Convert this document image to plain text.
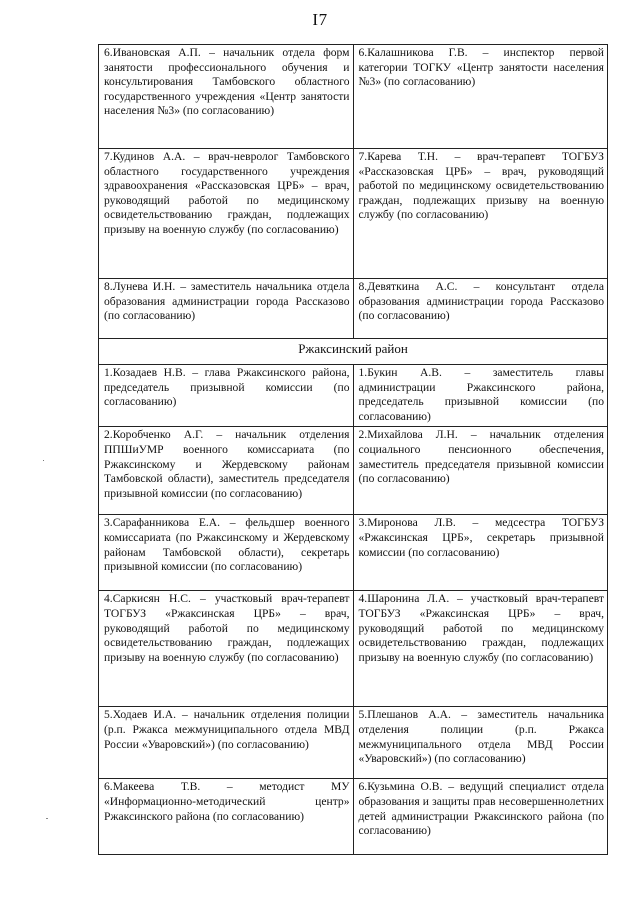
I7
6.Ивановская А.П. – начальник отдела форм занятости профессионального обучения и консультирования Тамбовского областного государственного учреждения «Центр занятости населения №3» (по согласованию)	6.Калашникова Г.В. – инспектор первой категории ТОГКУ «Центр занятости населения №3» (по согласованию)
7.Кудинов А.А. – врач-невролог Тамбовского областного государственного учреждения здравоохранения «Рассказовская ЦРБ» – врач, руководящий работой по медицинскому освидетельствованию граждан, подлежащих призыву на военную службу (по согласованию)	7.Карева Т.Н. – врач-терапевт ТОГБУЗ «Рассказовская ЦРБ» – врач, руководящий работой по медицинскому освидетельствованию граждан, подлежащих призыву на военную службу (по согласованию)
8.Лунева И.Н. – заместитель начальника отдела образования администрации города Рассказово (по согласованию)	8.Девяткина А.С. – консультант отдела образования администрации города Рассказово (по согласованию)
Ржаксинский район	
1.Козадаев Н.В. – глава Ржаксинского района, председатель призывной комиссии (по согласованию)	1.Букин А.В. – заместитель главы администрации Ржаксинского района, председатель призывной комиссии (по согласованию)
2.Коробченко А.Г. – начальник отделения ППШиУМР военного комиссариата (по Ржаксинскому и Жердевскому районам Тамбовской области), заместитель председателя призывной комиссии (по согласованию)	2.Михайлова Л.Н. – начальник отделения социального пенсионного обеспечения, заместитель председателя призывной комиссии (по согласованию)
3.Сарафанникова Е.А. – фельдшер военного комиссариата (по Ржаксинскому и Жердевскому районам Тамбовской области), секретарь призывной комиссии (по согласованию)	3.Миронова Л.В. – медсестра ТОГБУЗ «Ржаксинская ЦРБ», секретарь призывной комиссии (по согласованию)
4.Саркисян Н.С. – участковый врач-терапевт ТОГБУЗ «Ржаксинская ЦРБ» – врач, руководящий работой по медицинскому освидетельствованию граждан, подлежащих призыву на военную службу (по согласованию)	4.Шаронина Л.А. – участковый врач-терапевт ТОГБУЗ «Ржаксинская ЦРБ» – врач, руководящий работой по медицинскому освидетельствованию граждан, подлежащих призыву на военную службу (по согласованию)
5.Ходаев И.А. – начальник отделения полиции (р.п. Ржакса межмуниципального отдела МВД России «Уваровский») (по согласованию)	5.Плешанов А.А. – заместитель начальника отделения полиции (р.п. Ржакса межмуниципального отдела МВД России «Уваровский») (по согласованию)
6.Макеева Т.В. – методист МУ «Информационно-методический центр» Ржаксинского района (по согласованию)	6.Кузьмина О.В. – ведущий специалист отдела образования и защиты прав несовершеннолетних детей администрации Ржаксинского района (по согласованию)
